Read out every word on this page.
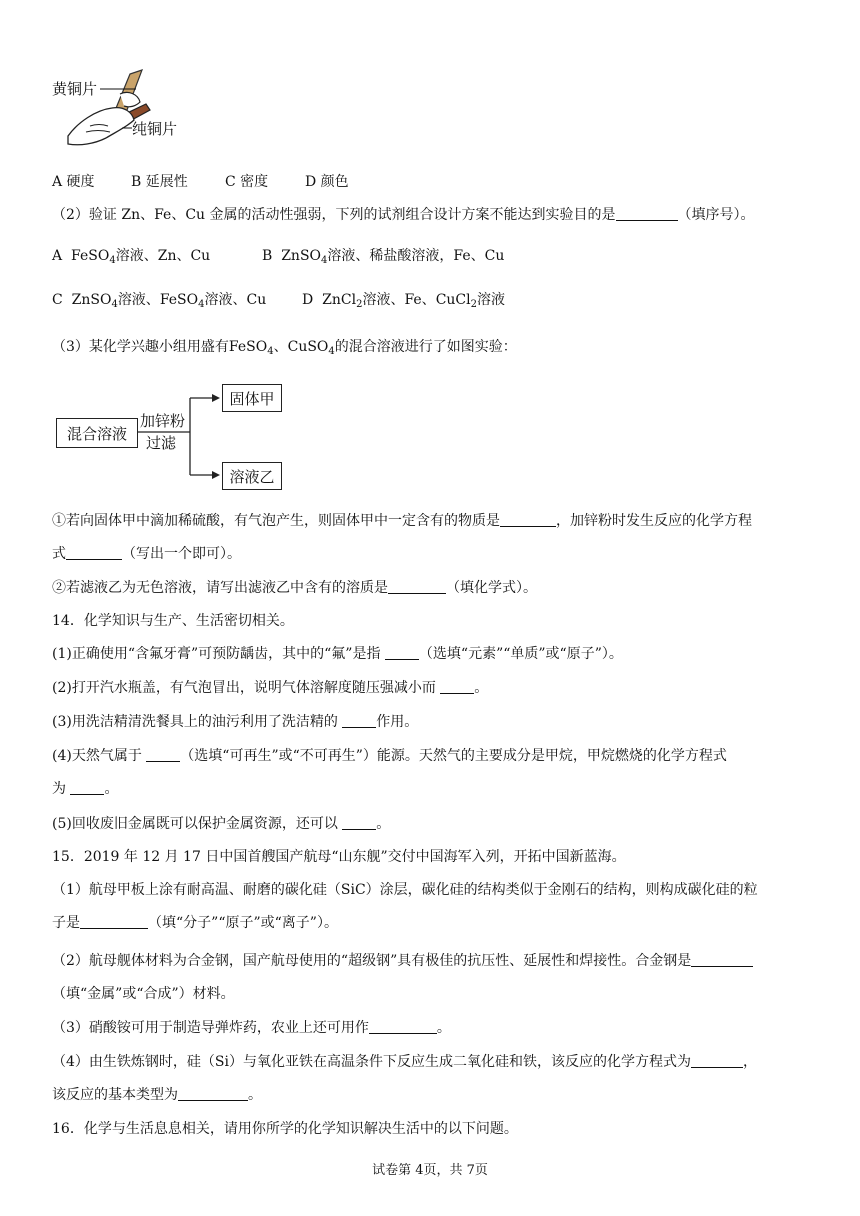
黄铜片
纯铜片
A 硬度	B 延展性	C 密度	D 颜色
（2）验证 Zn、Fe、Cu 金属的活动性强弱，下列的试剂组合设计方案不能达到实验目的是	（填序号）。
A FeSO$_4$溶液、Zn、Cu	B ZnSO$_4$溶液、稀盐酸溶液，Fe、Cu
C ZnSO$_4$溶液、FeSO$_4$溶液、Cu	D ZnCl$_2$溶液、Fe、CuCl$_2$溶液
（3）某化学兴趣小组用盛有FeSO$_4$、CuSO$_4$的混合溶液进行了如图实验：
混合溶液
加锌粉
过滤
固体甲
溶液乙
①若向固体甲中滴加稀硫酸，有气泡产生，则固体甲中一定含有的物质是	，加锌粉时发生反应的化学方程
式	（写出一个即可）。
②若滤液乙为无色溶液，请写出滤液乙中含有的溶质是	（填化学式）。
14．化学知识与生产、生活密切相关。
(1)正确使用“含氟牙膏”可预防龋齿，其中的“氟”是指 （选填“元素”“单质”或“原子”）。
(2)打开汽水瓶盖，有气泡冒出，说明气体溶解度随压强减小而 。
(3)用洗洁精清洗餐具上的油污利用了洗洁精的 作用。
(4)天然气属于 （选填“可再生”或“不可再生”）能源。天然气的主要成分是甲烷，甲烷燃烧的化学方程式
为 。
(5)回收废旧金属既可以保护金属资源，还可以 。
15．2019 年 12 月 17 日中国首艘国产航母“山东舰”交付中国海军入列，开拓中国新蓝海。
（1）航母甲板上涂有耐高温、耐磨的碳化硅（SiC）涂层，碳化硅的结构类似于金刚石的结构，则构成碳化硅的粒
子是	（填“分子”“原子”或“离子”）。
（2）航母舰体材料为合金钢，国产航母使用的“超级钢”具有极佳的抗压性、延展性和焊接性。合金钢是
（填“金属”或“合成”）材料。
（3）硝酸铵可用于制造导弹炸药，农业上还可用作	。
（4）由生铁炼钢时，硅（Si）与氧化亚铁在高温条件下反应生成二氧化硅和铁，该反应的化学方程式为	，
该反应的基本类型为	。
16．化学与生活息息相关，请用你所学的化学知识解决生活中的以下问题。
试卷第 4页，共 7页
